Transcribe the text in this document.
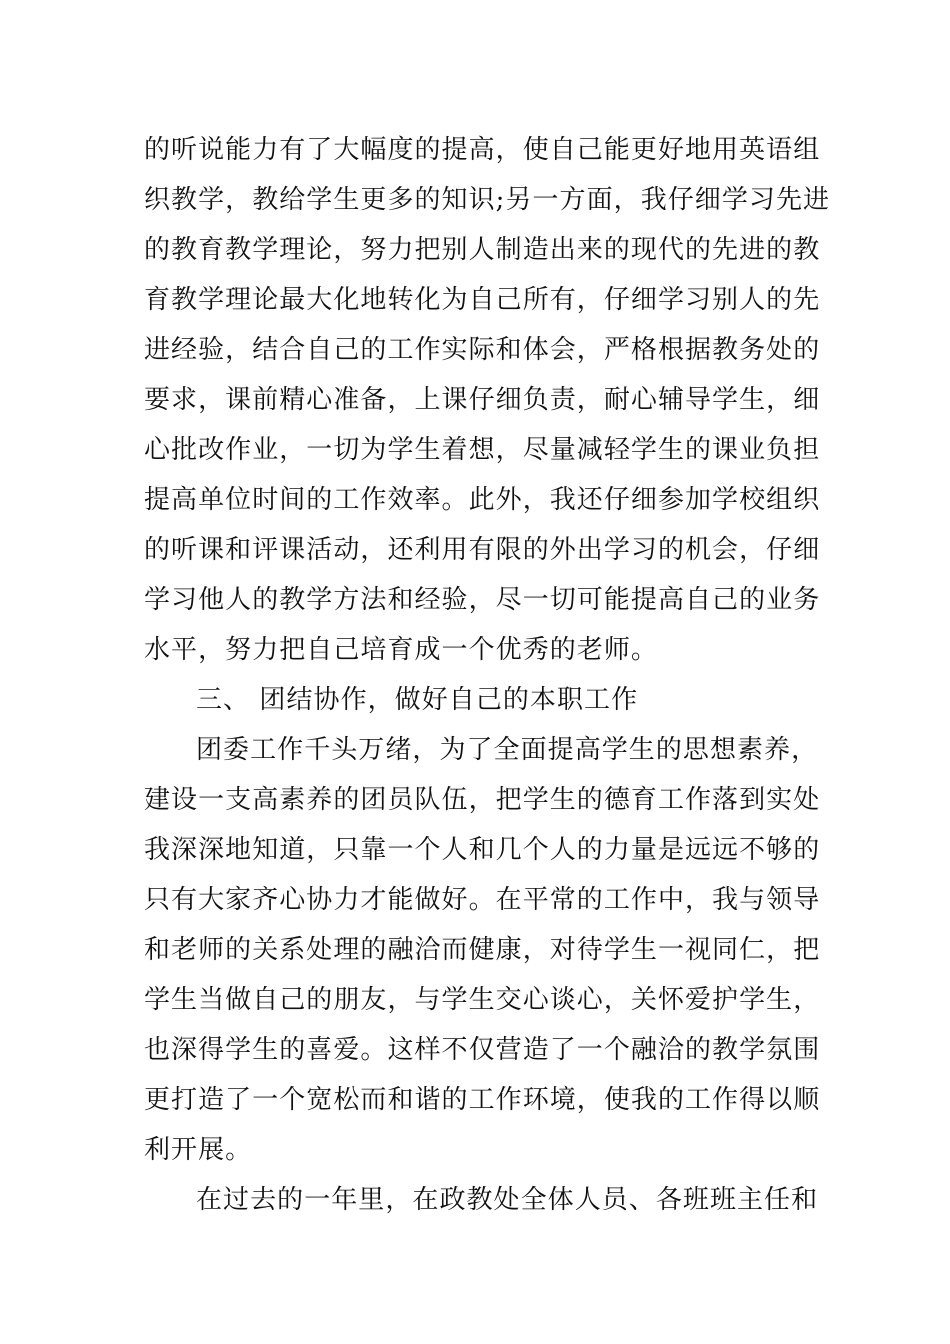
的听说能力有了大幅度的提高，使自己能更好地用英语组
织教学，教给学生更多的知识;另一方面，我仔细学习先进
的教育教学理论，努力把别人制造出来的现代的先进的教
育教学理论最大化地转化为自己所有，仔细学习别人的先
进经验，结合自己的工作实际和体会，严格根据教务处的
要求，课前精心准备，上课仔细负责，耐心辅导学生，细
心批改作业，一切为学生着想，尽量减轻学生的课业负担
提高单位时间的工作效率。此外，我还仔细参加学校组织
的听课和评课活动，还利用有限的外出学习的机会，仔细
学习他人的教学方法和经验，尽一切可能提高自己的业务
水平，努力把自己培育成一个优秀的老师。
三、 团结协作，做好自己的本职工作
团委工作千头万绪，为了全面提高学生的思想素养，
建设一支高素养的团员队伍，把学生的德育工作落到实处
我深深地知道，只靠一个人和几个人的力量是远远不够的
只有大家齐心协力才能做好。在平常的工作中，我与领导
和老师的关系处理的融洽而健康，对待学生一视同仁，把
学生当做自己的朋友，与学生交心谈心，关怀爱护学生，
也深得学生的喜爱。这样不仅营造了一个融洽的教学氛围
更打造了一个宽松而和谐的工作环境，使我的工作得以顺
利开展。
在过去的一年里，在政教处全体人员、各班班主任和
